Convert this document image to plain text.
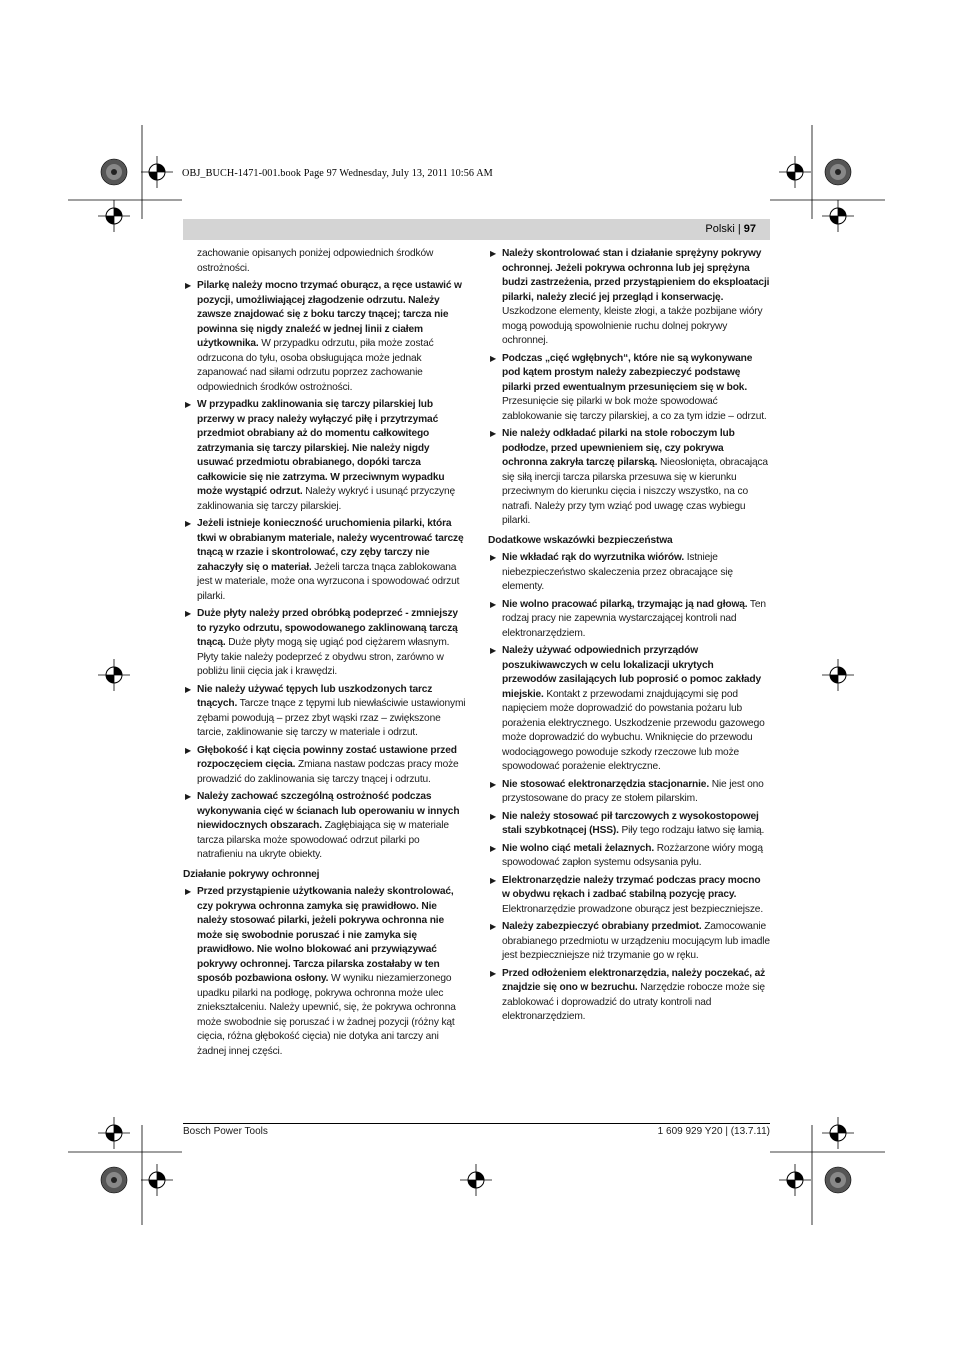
OBJ_BUCH-1471-001.book Page 97 Wednesday, July 13, 2011 10:56 AM
Polski | 97

zachowanie opisanych poniżej odpowiednich środków ostrożności.

▶ Pilarkę należy mocno trzymać oburącz, a ręce ustawić w pozycji, umożliwiającej złagodzenie odrzutu. Należy zawsze znajdować się z boku tarczy tnącej; tarcza nie powinna się nigdy znaleźć w jednej linii z ciałem użytkownika. W przypadku odrzutu, piła może zostać odrzucona do tyłu, osoba obsługująca może jednak zapanować nad siłami odrzutu poprzez zachowanie odpowiednich środków ostrożności.
▶ W przypadku zaklinowania się tarczy pilarskiej lub przerwy w pracy należy wyłączyć piłę i przytrzymać przedmiot obrabiany aż do momentu całkowitego zatrzymania się tarczy pilarskiej. Nie należy nigdy usuwać przedmiotu obrabianego, dopóki tarcza całkowicie się nie zatrzyma. W przeciwnym wypadku może wystąpić odrzut. Należy wykryć i usunąć przyczynę zaklinowania się tarczy pilarskiej.
▶ Jeżeli istnieje konieczność uruchomienia pilarki, która tkwi w obrabianym materiale, należy wycentrować tarczę tnącą w rzazie i skontrolować, czy zęby tarczy nie zahaczyły się o materiał. Jeżeli tarcza tnąca zablokowana jest w materiale, może ona wyrzucona i spowodować odrzut pilarki.
▶ Duże płyty należy przed obróbką podeprzeć - zmniejszy to ryzyko odrzutu, spowodowanego zaklinowaną tarczą tnącą. Duże płyty mogą się ugiąć pod ciężarem własnym. Płyty takie należy podeprzeć z obydwu stron, zarówno w pobliżu linii cięcia jak i krawędzi.
▶ Nie należy używać tępych lub uszkodzonych tarcz tnących. Tarcze tnące z tępymi lub niewłaściwie ustawionymi zębami powodują – przez zbyt wąski rzaz – zwiększone tarcie, zaklinowanie się tarczy w materiale i odrzut.
▶ Głębokość i kąt cięcia powinny zostać ustawione przed rozpoczęciem cięcia. Zmiana nastaw podczas pracy może prowadzić do zaklinowania się tarczy tnącej i odrzutu.
▶ Należy zachować szczególną ostrożność podczas wykonywania cięć w ścianach lub operowaniu w innych niewidocznych obszarach. Zagłębiająca się w materiale tarcza pilarska może spowodować odrzut pilarki po natrafieniu na ukryte obiekty.
Działanie pokrywy ochronnej
▶ Przed przystąpienie użytkowania należy skontrolować, czy pokrywa ochronna zamyka się prawidłowo. Nie należy stosować pilarki, jeżeli pokrywa ochronna nie może się swobodnie poruszać i nie zamyka się prawidłowo. Nie wolno blokować ani przywiązywać pokrywy ochronnej. Tarcza pilarska zostałaby w ten sposób pozbawiona osłony. W wyniku niezamierzonego upadku pilarki na podłogę, pokrywa ochronna może ulec zniekształceniu. Należy upewnić, się, że pokrywa ochronna może swobodnie się poruszać i w żadnej pozycji (różny kąt cięcia, różna głębokość cięcia) nie dotyka ani tarczy ani żadnej innej części.
▶ Należy skontrolować stan i działanie sprężyny pokrywy ochronnej. Jeżeli pokrywa ochronna lub jej sprężyna budzi zastrzeżenia, przed przystąpieniem do eksploatacji pilarki, należy zlecić jej przegląd i konserwację. Uszkodzone elementy, kleiste złogi, a także pozbijane wióry mogą powodują spowolnienie ruchu dolnej pokrywy ochronnej.
▶ Podczas „cięć wgłębnych“, które nie są wykonywane pod kątem prostym należy zabezpieczyć podstawę pilarki przed ewentualnym przesunięciem się w bok. Przesunięcie się pilarki w bok może spowodować zablokowanie się tarczy pilarskiej, a co za tym idzie – odrzut.
▶ Nie należy odkładać pilarki na stole roboczym lub podłodze, przed upewnieniem się, czy pokrywa ochronna zakryła tarczę pilarską. Nieosłonięta, obracająca się siłą inercji tarcza pilarska przesuwa się w kierunku przeciwnym do kierunku cięcia i niszczy wszystko, na co natrafi. Należy przy tym wziąć pod uwagę czas wybiegu pilarki.
Dodatkowe wskazówki bezpieczeństwa
▶ Nie wkładać rąk do wyrzutnika wiórów. Istnieje niebezpieczeństwo skaleczenia przez obracające się elementy.
▶ Nie wolno pracować pilarką, trzymając ją nad głową. Ten rodzaj pracy nie zapewnia wystarczającej kontroli nad elektronarzędziem.
▶ Należy używać odpowiednich przyrządów poszukiwawczych w celu lokalizacji ukrytych przewodów zasilających lub poprosić o pomoc zakłady miejskie. Kontakt z przewodami znajdującymi się pod napięciem może doprowadzić do powstania pożaru lub porażenia elektrycznego. Uszkodzenie przewodu gazowego może doprowadzić do wybuchu. Wniknięcie do przewodu wodociągowego powoduje szkody rzeczowe lub może spowodować porażenie elektryczne.
▶ Nie stosować elektronarzędzia stacjonarnie. Nie jest ono przystosowane do pracy ze stołem pilarskim.
▶ Nie należy stosować pił tarczowych z wysokostopowej stali szybkotnącej (HSS). Piły tego rodzaju łatwo się łamią.
▶ Nie wolno ciąć metali żelaznych. Rozżarzone wióry mogą spowodować zapłon systemu odsysania pyłu.
▶ Elektronarzędzie należy trzymać podczas pracy mocno w obydwu rękach i zadbać stabilną pozycję pracy. Elektronarzędzie prowadzone oburącz jest bezpieczniejsze.
▶ Należy zabezpieczyć obrabiany przedmiot. Zamocowanie obrabianego przedmiotu w urządzeniu mocującym lub imadle jest bezpieczniejsze niż trzymanie go w ręku.
▶ Przed odłożeniem elektronarzędzia, należy poczekać, aż znajdzie się ono w bezruchu. Narzędzie robocze może się zablokować i doprowadzić do utraty kontroli nad elektronarzędziem.
Bosch Power Tools	1 609 929 Y20 | (13.7.11)
